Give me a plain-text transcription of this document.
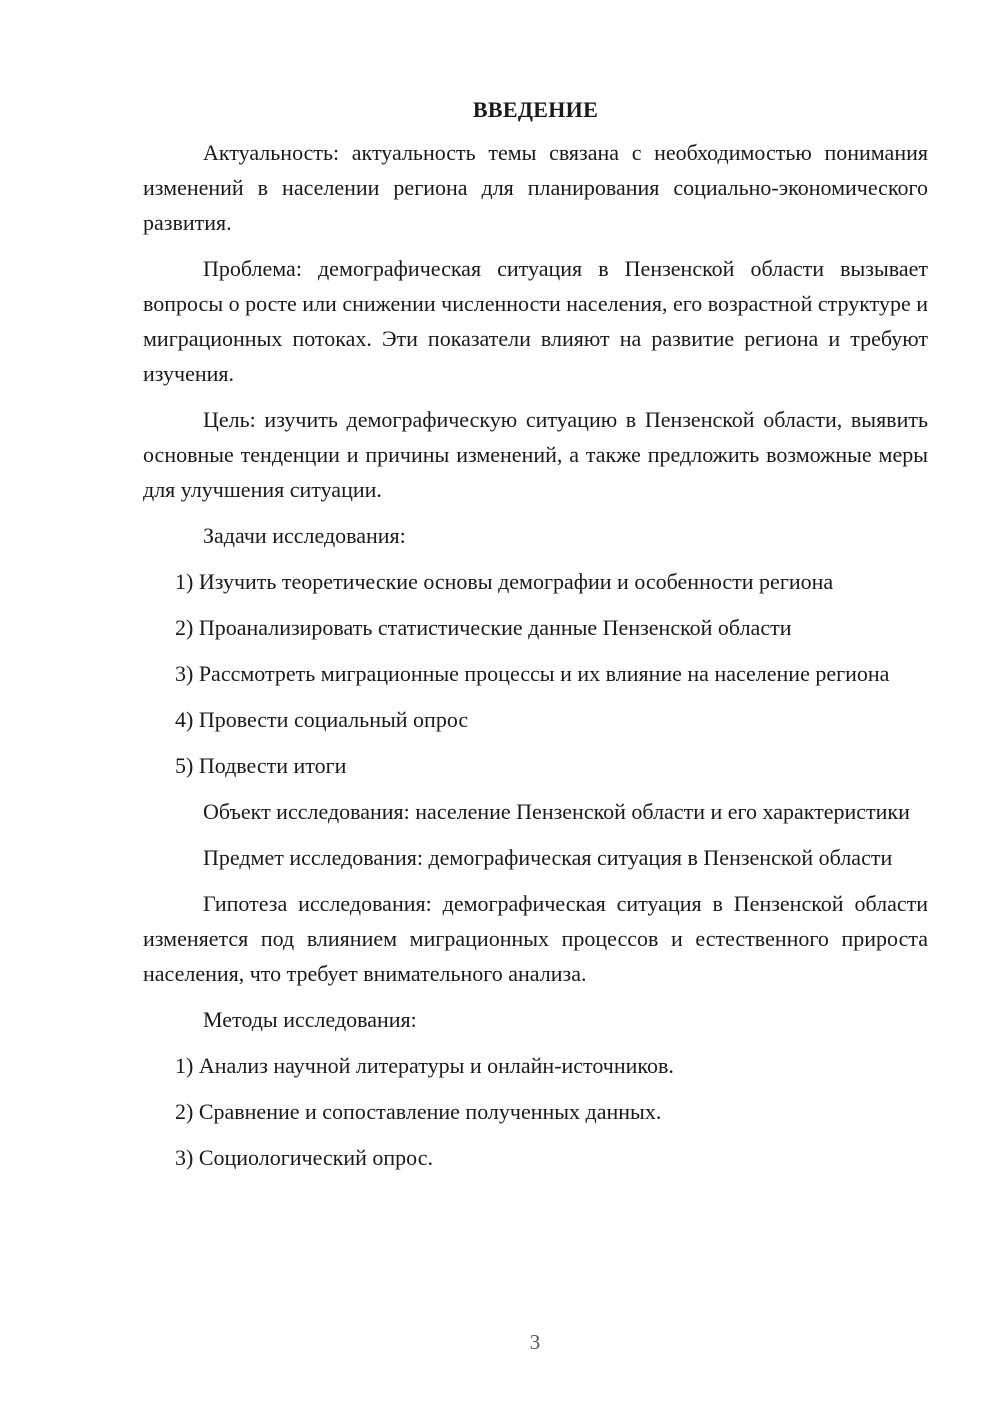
ВВЕДЕНИЕ

Актуальность: актуальность темы связана с необходимостью понимания изменений в населении региона для планирования социально-экономического развития.

Проблема: демографическая ситуация в Пензенской области вызывает вопросы о росте или снижении численности населения, его возрастной структуре и миграционных потоках. Эти показатели влияют на развитие региона и требуют изучения.

Цель: изучить демографическую ситуацию в Пензенской области, выявить основные тенденции и причины изменений, а также предложить возможные меры для улучшения ситуации.

Задачи исследования:

1) Изучить теоретические основы демографии и особенности региона

2) Проанализировать статистические данные Пензенской области

3) Рассмотреть миграционные процессы и их влияние на население региона

4) Провести социальный опрос

5) Подвести итоги

Объект исследования: население Пензенской области и его характеристики

Предмет исследования: демографическая ситуация в Пензенской области

Гипотеза исследования: демографическая ситуация в Пензенской области изменяется под влиянием миграционных процессов и естественного прироста населения, что требует внимательного анализа.

Методы исследования:

1) Анализ научной литературы и онлайн-источников.

2) Сравнение и сопоставление полученных данных.

3) Социологический опрос.

3
